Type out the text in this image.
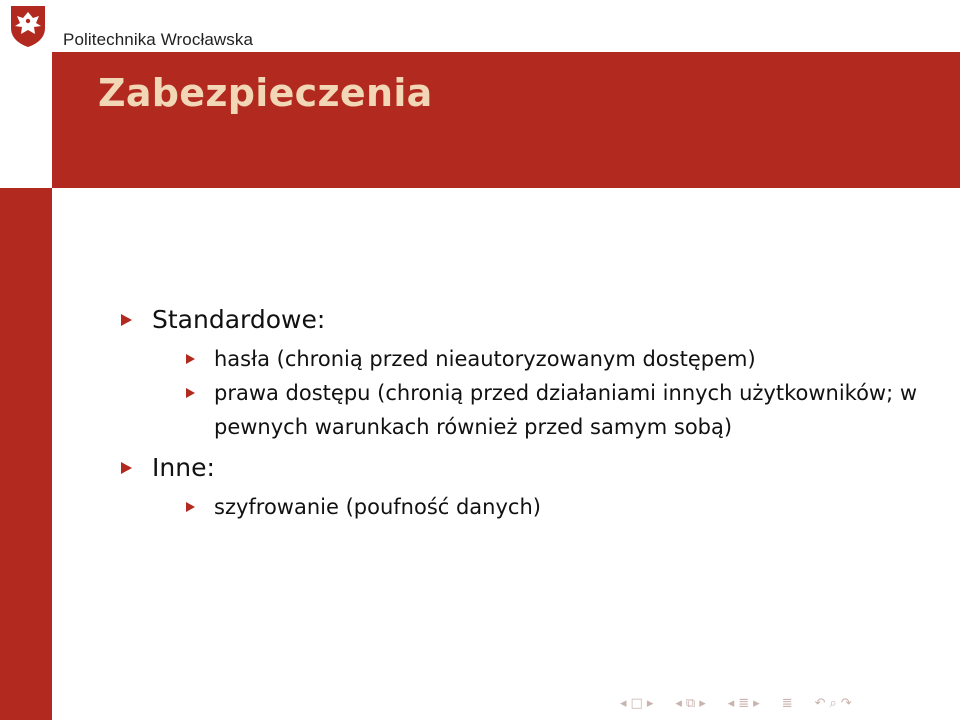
Politechnika Wrocławska
Zabezpieczenia
Standardowe:
hasła (chronią przed nieautoryzowanym dostępem)
prawa dostępu (chronią przed działaniami innych użytkowników; w pewnych warunkach również przed samym sobą)
Inne:
szyfrowanie (poufność danych)
◂ □ ▸ ◂ ⧉ ▸ ◂ ≣ ▸ ≣ ↶ ⌕ ↷
